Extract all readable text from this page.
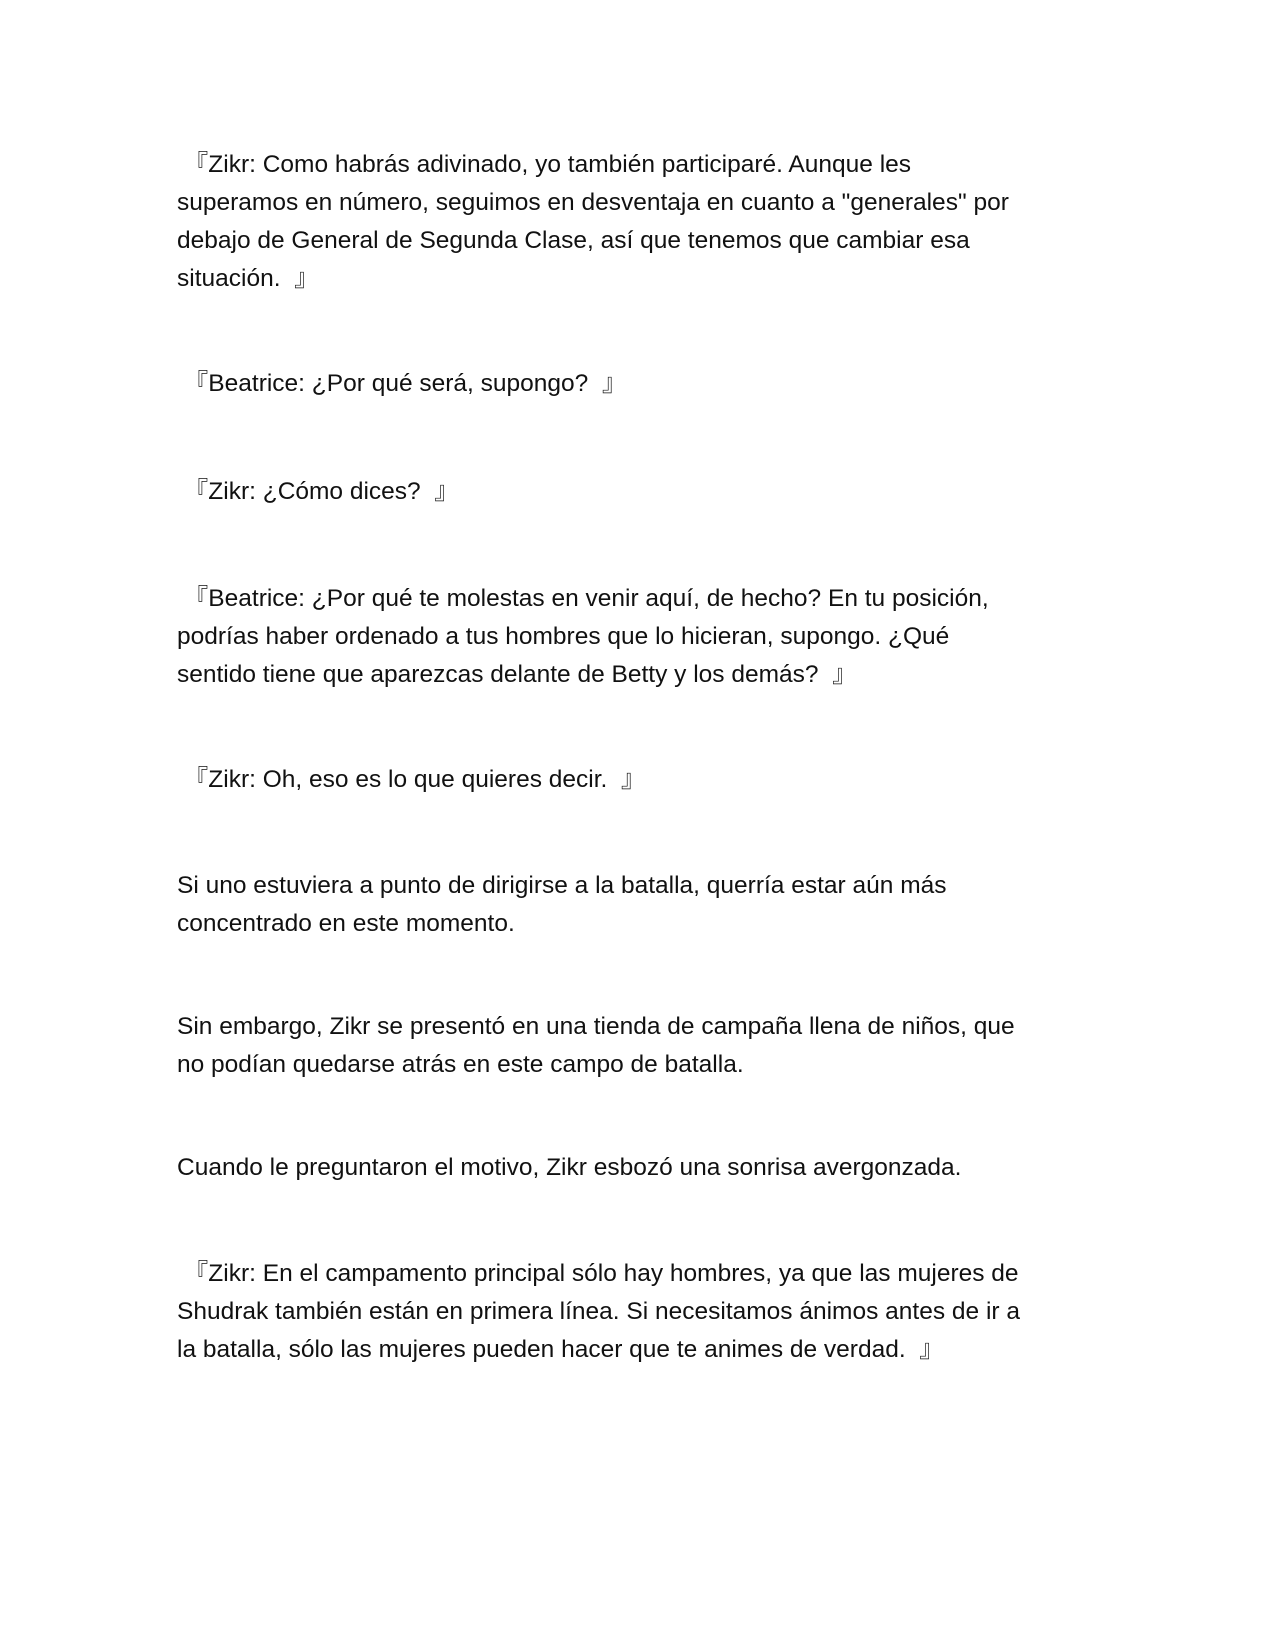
『Zikr: Como habrás adivinado, yo también participaré. Aunque les
superamos en número, seguimos en desventaja en cuanto a "generales" por
debajo de General de Segunda Clase, así que tenemos que cambiar esa
situación.  』

『Beatrice: ¿Por qué será, supongo?  』

『Zikr: ¿Cómo dices?  』

『Beatrice: ¿Por qué te molestas en venir aquí, de hecho? En tu posición,
podrías haber ordenado a tus hombres que lo hicieran, supongo. ¿Qué
sentido tiene que aparezcas delante de Betty y los demás?  』

『Zikr: Oh, eso es lo que quieres decir.  』

Si uno estuviera a punto de dirigirse a la batalla, querría estar aún más
concentrado en este momento.

Sin embargo, Zikr se presentó en una tienda de campaña llena de niños, que
no podían quedarse atrás en este campo de batalla.

Cuando le preguntaron el motivo, Zikr esbozó una sonrisa avergonzada.

『Zikr: En el campamento principal sólo hay hombres, ya que las mujeres de
Shudrak también están en primera línea. Si necesitamos ánimos antes de ir a
la batalla, sólo las mujeres pueden hacer que te animes de verdad.  』
